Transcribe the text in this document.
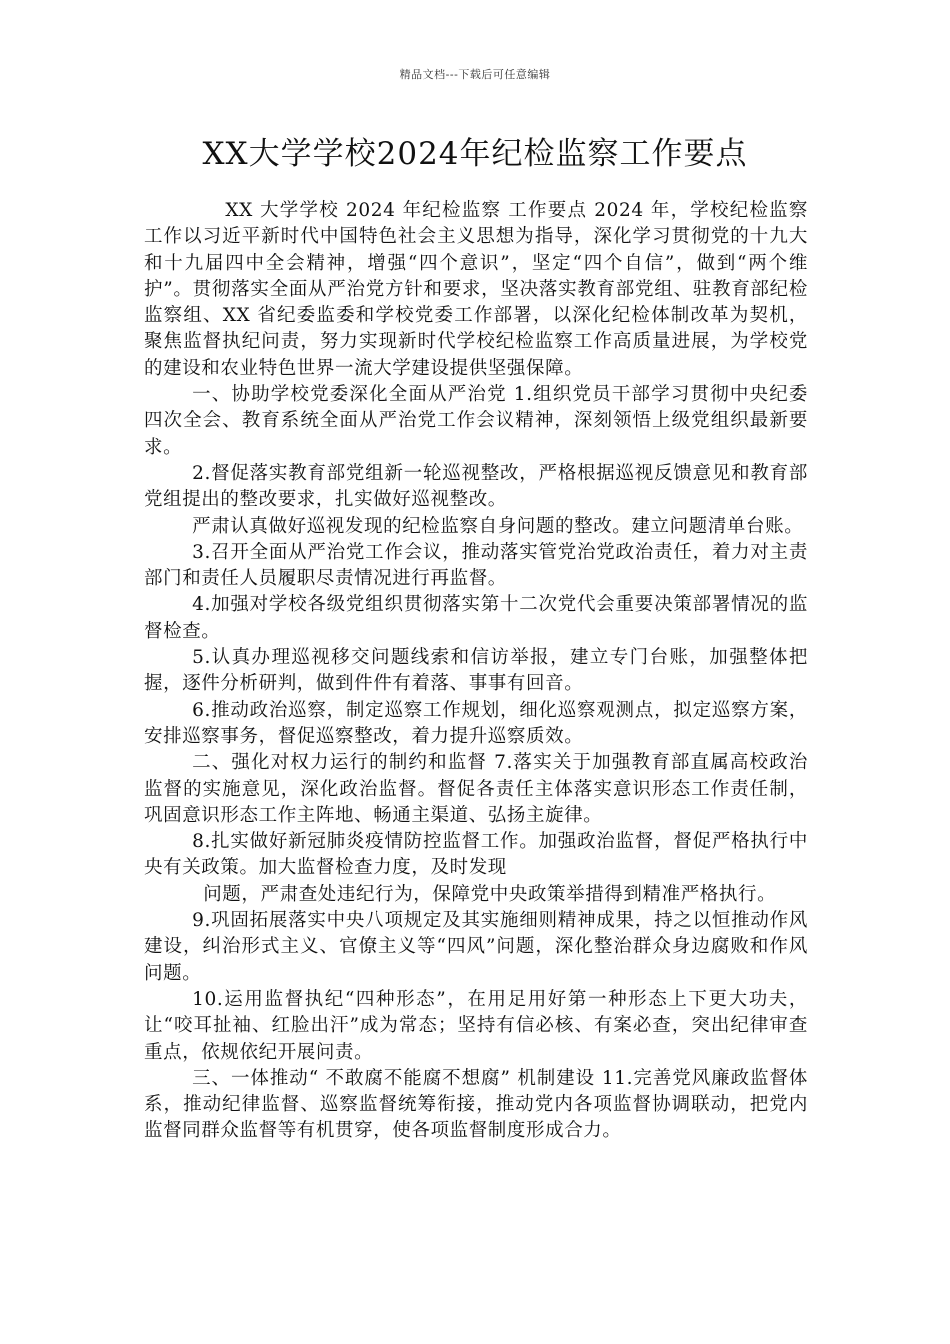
精品文档---下载后可任意编辑
XX大学学校2024年纪检监察工作要点

XX 大学学校 2024 年纪检监察 工作要点 2024 年，学校纪检监察工作以习近平新时代中国特色社会主义思想为指导，深化学习贯彻党的十九大和十九届四中全会精神，增强“四个意识”，坚定“四个自信”，做到“两个维护”。贯彻落实全面从严治党方针和要求，坚决落实教育部党组、驻教育部纪检监察组、XX 省纪委监委和学校党委工作部署，以深化纪检体制改革为契机，聚焦监督执纪问责，努力实现新时代学校纪检监察工作高质量进展，为学校党的建设和农业特色世界一流大学建设提供坚强保障。

一、协助学校党委深化全面从严治党 1.组织党员干部学习贯彻中央纪委四次全会、教育系统全面从严治党工作会议精神，深刻领悟上级党组织最新要求。

2.督促落实教育部党组新一轮巡视整改，严格根据巡视反馈意见和教育部党组提出的整改要求，扎实做好巡视整改。

严肃认真做好巡视发现的纪检监察自身问题的整改。建立问题清单台账。

3.召开全面从严治党工作会议，推动落实管党治党政治责任，着力对主责部门和责任人员履职尽责情况进行再监督。

4.加强对学校各级党组织贯彻落实第十二次党代会重要决策部署情况的监督检查。

5.认真办理巡视移交问题线索和信访举报，建立专门台账，加强整体把握，逐件分析研判，做到件件有着落、事事有回音。

6.推动政治巡察，制定巡察工作规划，细化巡察观测点，拟定巡察方案，安排巡察事务，督促巡察整改，着力提升巡察质效。

二、强化对权力运行的制约和监督 7.落实关于加强教育部直属高校政治监督的实施意见，深化政治监督。督促各责任主体落实意识形态工作责任制，巩固意识形态工作主阵地、畅通主渠道、弘扬主旋律。

8.扎实做好新冠肺炎疫情防控监督工作。加强政治监督，督促严格执行中央有关政策。加大监督检查力度，及时发现

问题，严肃查处违纪行为，保障党中央政策举措得到精准严格执行。

9.巩固拓展落实中央八项规定及其实施细则精神成果，持之以恒推动作风建设，纠治形式主义、官僚主义等“四风”问题，深化整治群众身边腐败和作风问题。

10.运用监督执纪“四种形态”，在用足用好第一种形态上下更大功夫，让“咬耳扯袖、红脸出汗”成为常态；坚持有信必核、有案必查，突出纪律审查重点，依规依纪开展问责。

三、一体推动“ 不敢腐不能腐不想腐” 机制建设 11.完善党风廉政监督体系，推动纪律监督、巡察监督统筹衔接，推动党内各项监督协调联动，把党内监督同群众监督等有机贯穿，使各项监督制度形成合力。
